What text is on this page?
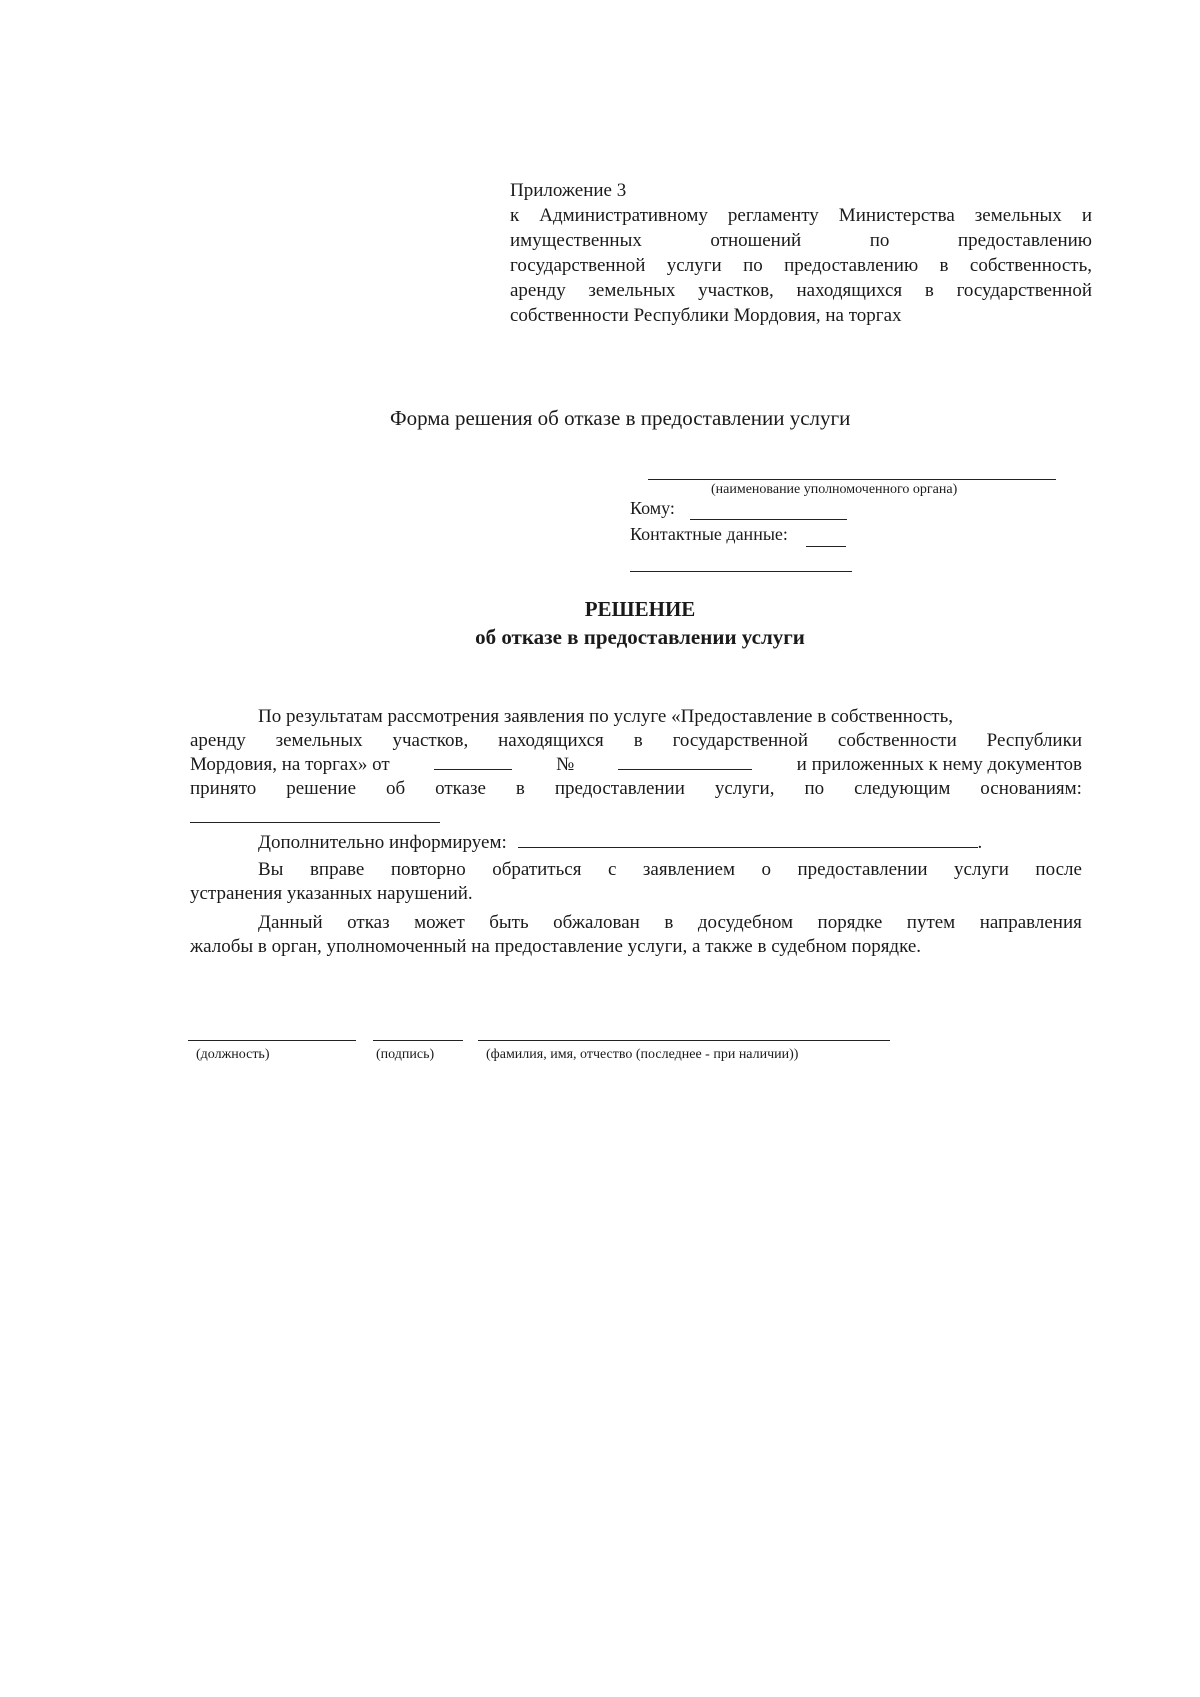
Приложение 3
к Административному регламенту Министерства земельных и
имущественных	отношений	по	предоставлению
государственной услуги по предоставлению в собственность,
аренду земельных участков, находящихся в государственной
собственности Республики Мордовия, на торгах
Форма решения об отказе в предоставлении услуги
(наименование уполномоченного органа)
Кому:
Контактные данные:
РЕШЕНИЕ
об отказе в предоставлении услуги
По результатам рассмотрения заявления по услуге «Предоставление в собственность,
аренду земельных участков, находящихся в государственной собственности Республики
Мордовия, на торгах» от	№	и приложенных к нему документов
принято решение об отказе в предоставлении услуги, по следующим основаниям:
Дополнительно информируем:	.
Вы вправе повторно обратиться с заявлением о предоставлении услуги после
устранения указанных нарушений.
Данный отказ может быть обжалован в досудебном порядке путем направления
жалобы в орган, уполномоченный на предоставление услуги, а также в судебном порядке.
(должность)	(подпись)	(фамилия, имя, отчество (последнее - при наличии))
